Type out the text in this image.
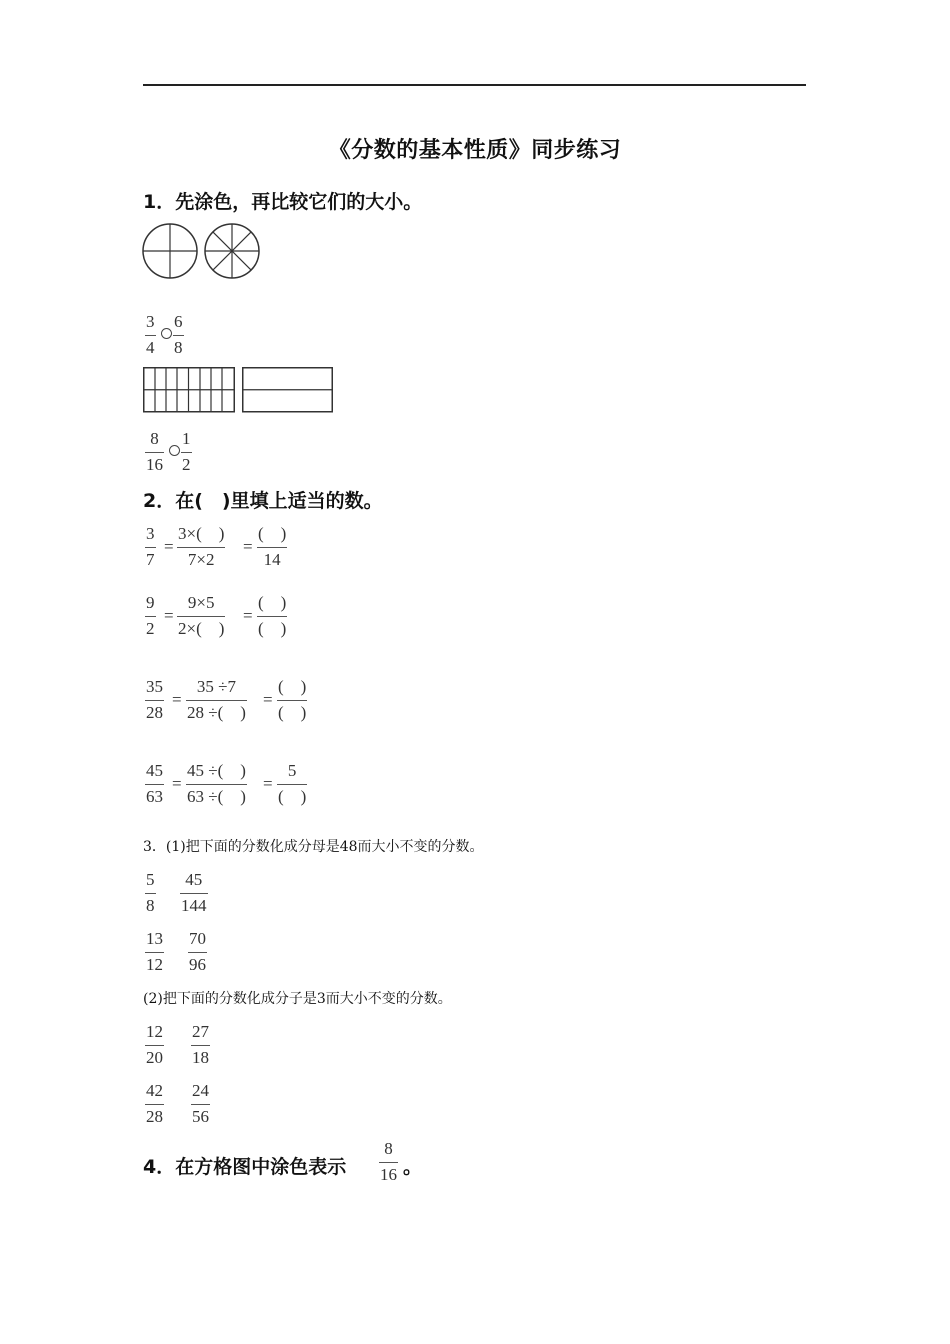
《分数的基本性质》同步练习
1．先涂色，再比较它们的大小。
3
4
6
8
8
16
1
2
2．在(　)里填上适当的数。
3
7
=
3×(　)
7×2
=
(　)
14
9
2
=
9×5
2×(　)
=
(　)
(　)
35
28
=
35 ÷7
28 ÷(　)
=
(　)
(　)
45
63
=
45 ÷(　)
63 ÷(　)
=
5
(　)
3．(1)把下面的分数化成分母是48而大小不变的分数。
5
8
45
144
13
12
70
96
(2)把下面的分数化成分子是3而大小不变的分数。
12
20
27
18
42
28
24
56
4．在方格图中涂色表示
8
16 。
